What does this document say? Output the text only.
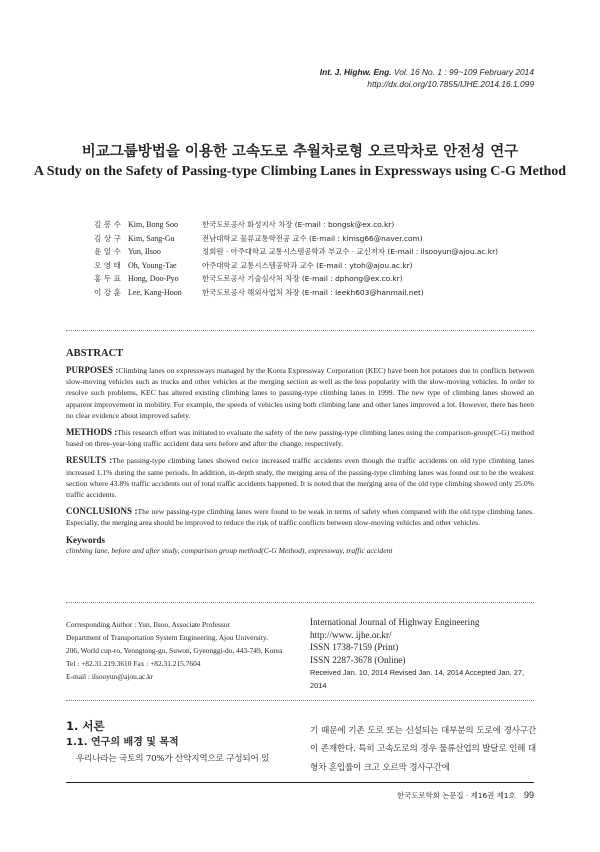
Int. J. Highw. Eng. Vol. 16 No. 1 : 99~109 February 2014
http://dx.doi.org/10.7855/IJHE.2014.16.1.099
비교그룹방법을 이용한 고속도로 추월차로형 오르막차로 안전성 연구
A Study on the Safety of Passing-type Climbing Lanes in Expressways using C-G Method
김 봉 수 Kim, Bong Soo	한국도로공사 화성지사 차장 (E-mail : bongsk@ex.co.kr)
김 상 구 Kim, Sang-Gu	전남대학교 물류교통학전공 교수 (E-mail : kimsg66@naver.com)
윤 일 수 Yun, Ilsoo	정회원 · 아주대학교 교통시스템공학과 부교수 · 교신저자 (E-mail : ilsooyun@ajou.ac.kr)
오 영 태 Oh, Young-Tae	아주대학교 교통시스템공학과 교수 (E-mail : ytoh@ajou.ac.kr)
홍 두 표 Hong, Doo-Pyo	한국도로공사 기술심사처 차장 (E-mail : dphong@ex.co.kr)
이 강 훈 Lee, Kang-Hoon	한국도로공사 해외사업처 차장 (E-mail : leekh603@hanmail.net)
ABSTRACT

PURPOSES :Climbing lanes on expressways managed by the Korea Expressway Corporation (KEC) have been hot potatoes due to conflicts between slow-moving vehicles such as trucks and other vehicles at the merging section as well as the less popularity with the slow-moving vehicles. In order to resolve such problems, KEC has altered existing climbing lanes to passing-type climbing lanes in 1999. The new type of climbing lanes showed an apparent improvement in mobility. For example, the speeds of vehicles using both climbing lane and other lanes improved a lot. However, there has been no clear evidence about improved safety.

METHODS :This research effort was initiated to evaluate the safety of the new passing-type climbing lanes using the comparison-group(C-G) method based on three-year-long traffic accident data sets before and after the change, respectively.

RESULTS :The passing-type climbing lanes showed twice increased traffic accidents even though the traffic accidents on old type climbing lanes increased 1.1% during the same periods. In addition, in-depth study, the merging area of the passing-type climbing lanes was found out to be the weakest section where 43.8% traffic accidents out of total traffic accidents happened. It is noted that the merging area of the old type climbing showed only 25.0% traffic accidents.

CONCLUSIONS :The new passing-type climbing lanes were found to be weak in terms of safety when compared with the old type climbing lanes. Especially, the merging area should be improved to reduce the risk of traffic conflicts between slow-moving vehicles and other vehicles.

Keywords
climbing lane, before and after study, comparison group method(C-G Method), expressway, traffic accident
Corresponding Author : Yun, Ilsoo, Associate Professor
Department of Transportation System Engineering, Ajou University.
206, World cup-ro, Yeongtong-gu, Suwon, Gyeonggi-do, 443-749, Korea
Tel : +82.31.219.3610 Fax : +82.31.215.7604
E-mail : ilsooyun@ajou.ac.kr
International Journal of Highway Engineering
http://www. ijhe.or.kr/
ISSN 1738-7159 (Print)
ISSN 2287-3678 (Online)
Received Jan. 10, 2014 Revised Jan. 14, 2014 Accepted Jan. 27, 2014
1. 서론
1.1. 연구의 배경 및 목적

우리나라는 국토의 70%가 산악지역으로 구성되어 있

기 때문에 기존 도로 또는 신설되는 대부분의 도로에 경사구간이 존재한다. 특히 고속도로의 경우 물류산업의 발달로 인해 대형차 혼입률이 크고 오르막 경사구간에
한국도로학회 논문집 · 제16권 제1호 99
